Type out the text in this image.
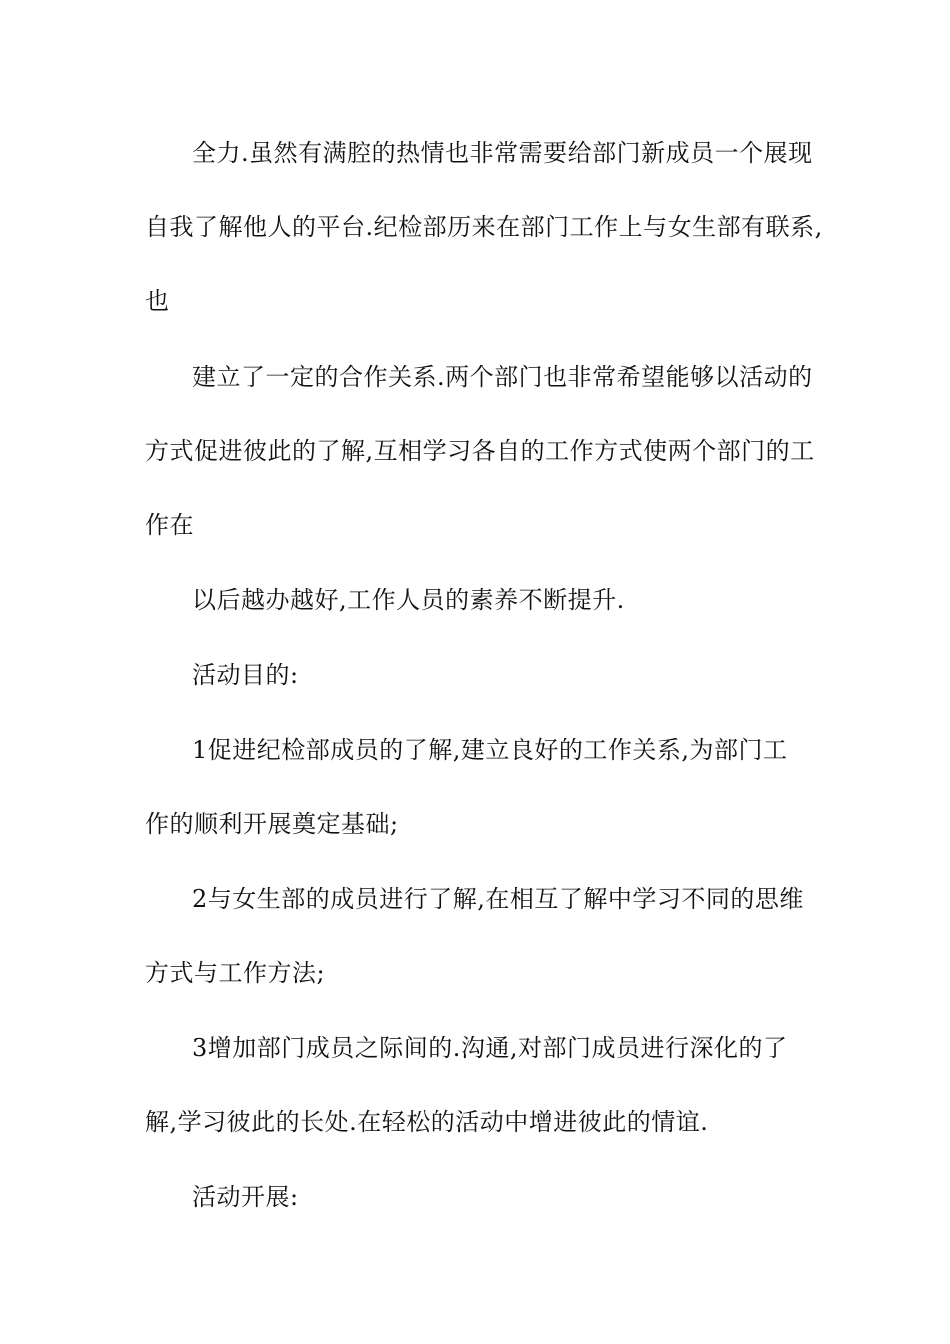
全力.虽然有满腔的热情也非常需要给部门新成员一个展现
自我了解他人的平台.纪检部历来在部门工作上与女生部有联系,
也
建立了一定的合作关系.两个部门也非常希望能够以活动的
方式促进彼此的了解,互相学习各自的工作方式使两个部门的工
作在
以后越办越好,工作人员的素养不断提升.
活动目的:
1促进纪检部成员的了解,建立良好的工作关系,为部门工
作的顺利开展奠定基础;
2与女生部的成员进行了解,在相互了解中学习不同的思维
方式与工作方法;
3增加部门成员之际间的.沟通,对部门成员进行深化的了
解,学习彼此的长处.在轻松的活动中增进彼此的情谊.
活动开展:
